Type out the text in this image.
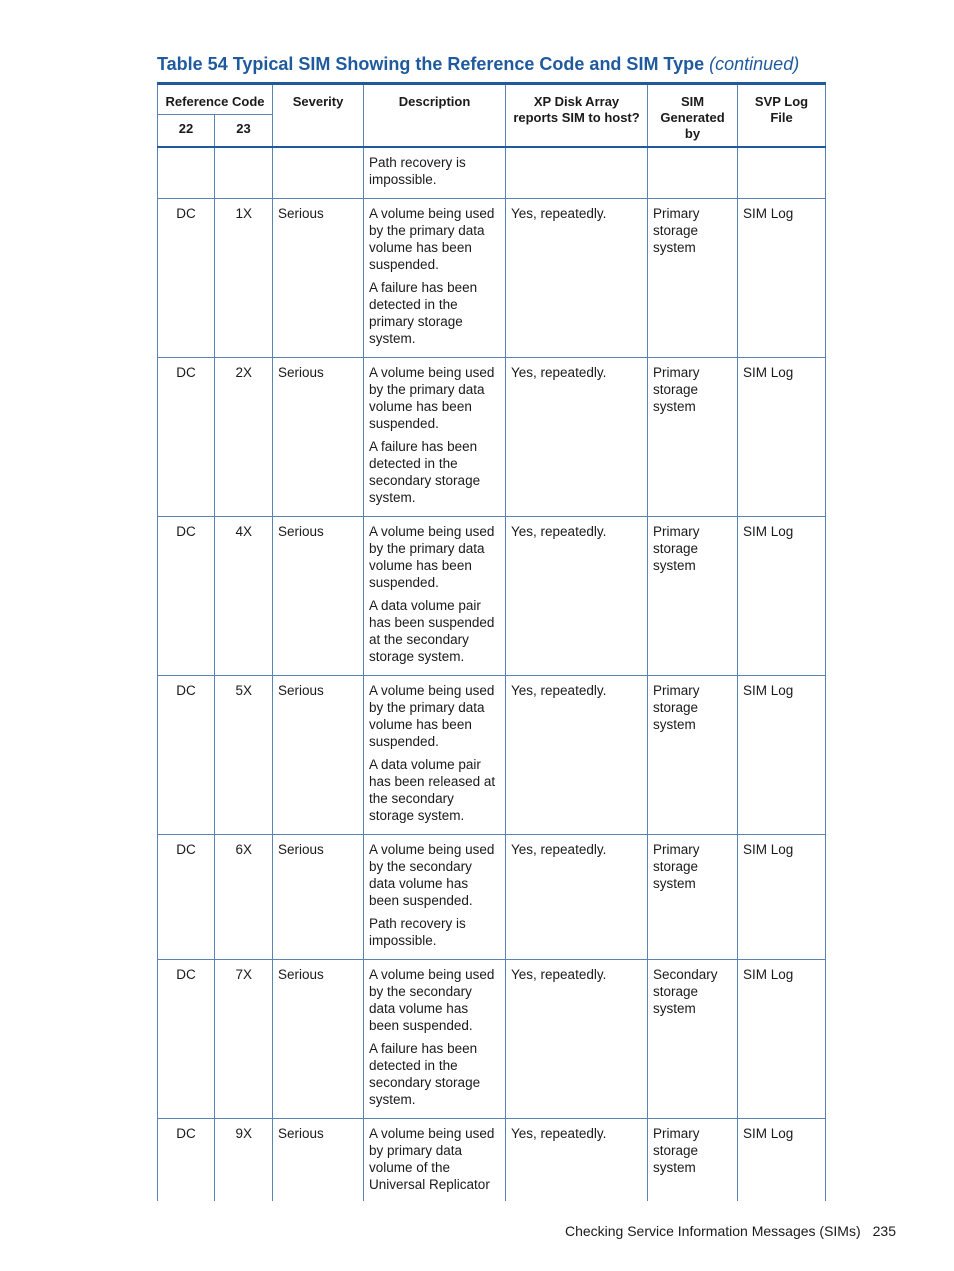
Table 54 Typical SIM Showing the Reference Code and SIM Type (continued)
Reference Code		Severity	Description	XP Disk Array reports SIM to host?	SIM Generated by	SVP Log File
22	23					

			Path recovery is impossible.			

DC	1X	Serious	A volume being used by the primary data volume has been suspended.

A failure has been detected in the primary storage system.	Yes, repeatedly.	Primary storage system	SIM Log
DC	2X	Serious	A volume being used by the primary data volume has been suspended.

A failure has been detected in the secondary storage system.	Yes, repeatedly.	Primary storage system	SIM Log
DC	4X	Serious	A volume being used by the primary data volume has been suspended.

A data volume pair has been suspended at the secondary storage system.	Yes, repeatedly.	Primary storage system	SIM Log
DC	5X	Serious	A volume being used by the primary data volume has been suspended.

A data volume pair has been released at the secondary storage system.	Yes, repeatedly.	Primary storage system	SIM Log
DC	6X	Serious	A volume being used by the secondary data volume has been suspended.

Path recovery is impossible.	Yes, repeatedly.	Primary storage system	SIM Log
DC	7X	Serious	A volume being used by the secondary data volume has been suspended.

A failure has been detected in the secondary storage system.	Yes, repeatedly.	Secondary storage system	SIM Log
DC	9X	Serious	A volume being used by primary data volume of the Universal Replicator	Yes, repeatedly.	Primary storage system	SIM Log
Checking Service Information Messages (SIMs) 235
